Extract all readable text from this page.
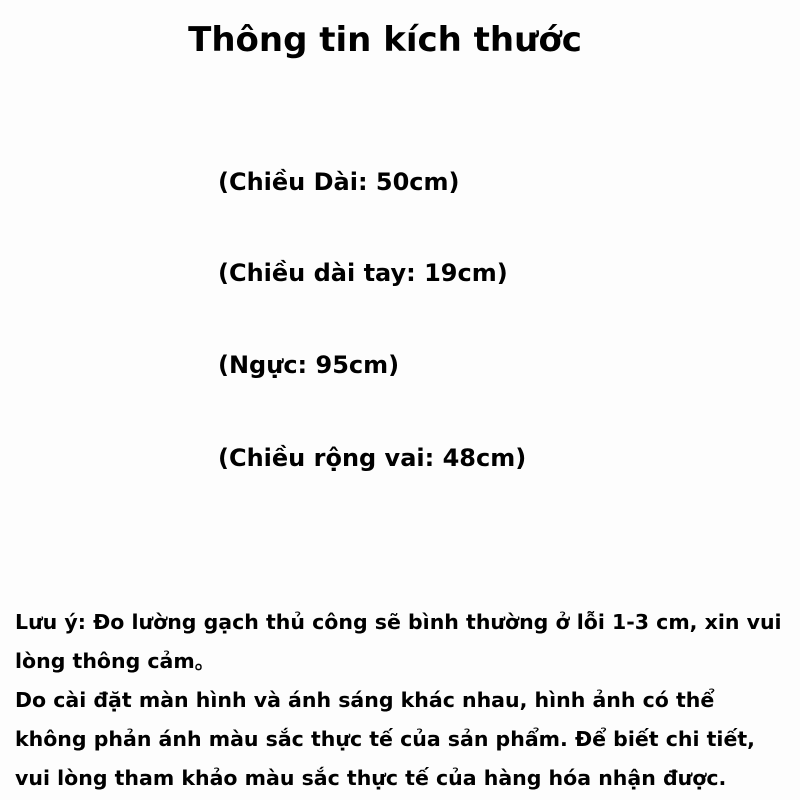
Thông tin kích thước
(Chiều Dài: 50cm)
(Chiều dài tay: 19cm)
(Ngực: 95cm)
(Chiều rộng vai: 48cm)

Lưu ý: Đo lường gạch thủ công sẽ bình thường ở lỗi 1-3 cm, xin vui lòng thông cảm。

Do cài đặt màn hình và ánh sáng khác nhau, hình ảnh có thể không phản ánh màu sắc thực tế của sản phẩm. Để biết chi tiết, vui lòng tham khảo màu sắc thực tế của hàng hóa nhận được.
